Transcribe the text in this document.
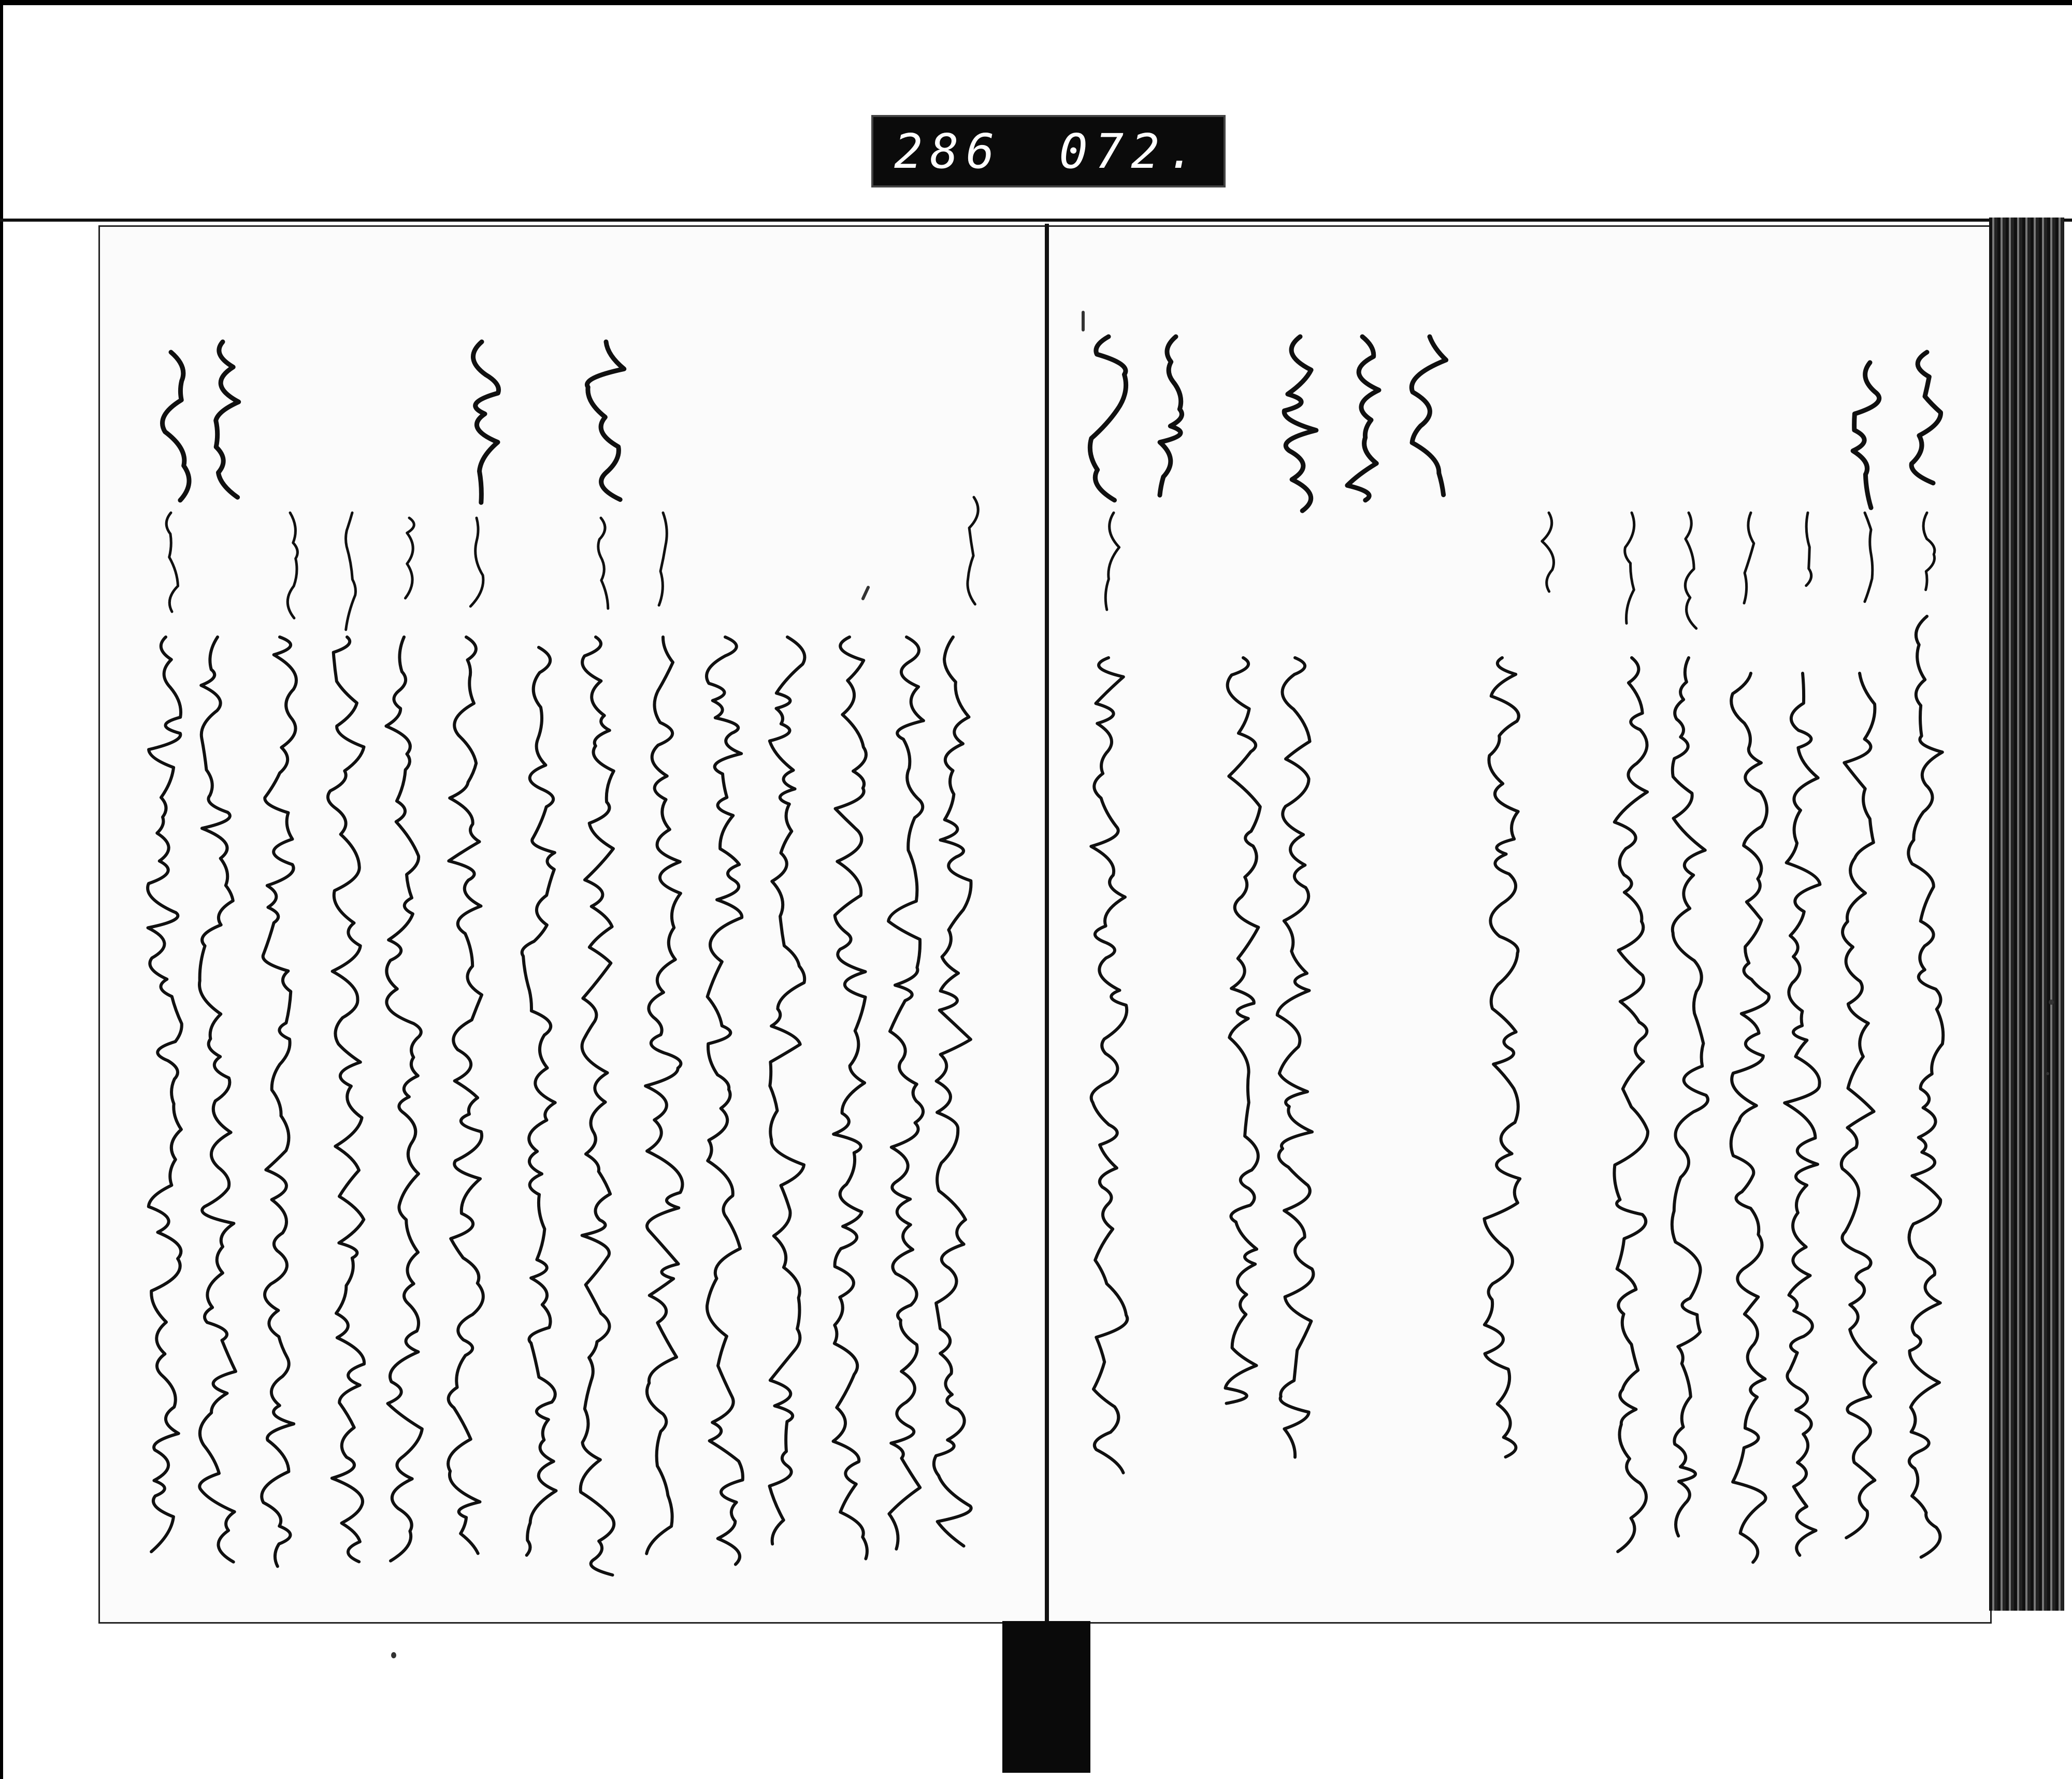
286 072.
